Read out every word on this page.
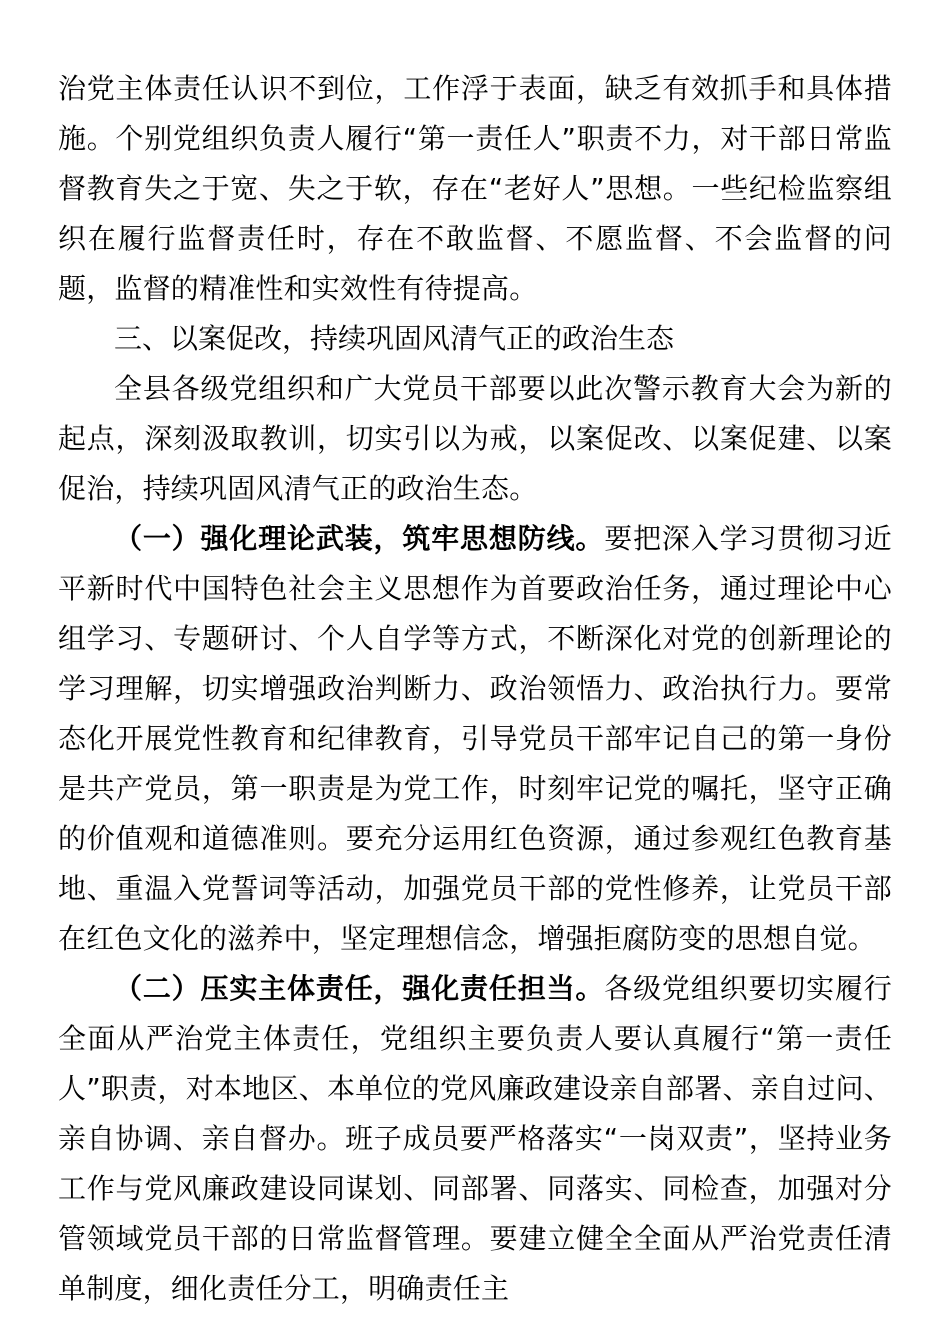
治党主体责任认识不到位，工作浮于表面，缺乏有效抓手和具体措施。个别党组织负责人履行“第一责任人”职责不力，对干部日常监督教育失之于宽、失之于软，存在“老好人”思想。一些纪检监察组织在履行监督责任时，存在不敢监督、不愿监督、不会监督的问题，监督的精准性和实效性有待提高。

三、以案促改，持续巩固风清气正的政治生态

全县各级党组织和广大党员干部要以此次警示教育大会为新的起点，深刻汲取教训，切实引以为戒，以案促改、以案促建、以案促治，持续巩固风清气正的政治生态。

（一）强化理论武装，筑牢思想防线。要把深入学习贯彻习近平新时代中国特色社会主义思想作为首要政治任务，通过理论中心组学习、专题研讨、个人自学等方式，不断深化对党的创新理论的学习理解，切实增强政治判断力、政治领悟力、政治执行力。要常态化开展党性教育和纪律教育，引导党员干部牢记自己的第一身份是共产党员，第一职责是为党工作，时刻牢记党的嘱托，坚守正确的价值观和道德准则。要充分运用红色资源，通过参观红色教育基地、重温入党誓词等活动，加强党员干部的党性修养，让党员干部在红色文化的滋养中，坚定理想信念，增强拒腐防变的思想自觉。

（二）压实主体责任，强化责任担当。各级党组织要切实履行全面从严治党主体责任，党组织主要负责人要认真履行“第一责任人”职责，对本地区、本单位的党风廉政建设亲自部署、亲自过问、亲自协调、亲自督办。班子成员要严格落实“一岗双责”，坚持业务工作与党风廉政建设同谋划、同部署、同落实、同检查，加强对分管领域党员干部的日常监督管理。要建立健全全面从严治党责任清单制度，细化责任分工，明确责任主
